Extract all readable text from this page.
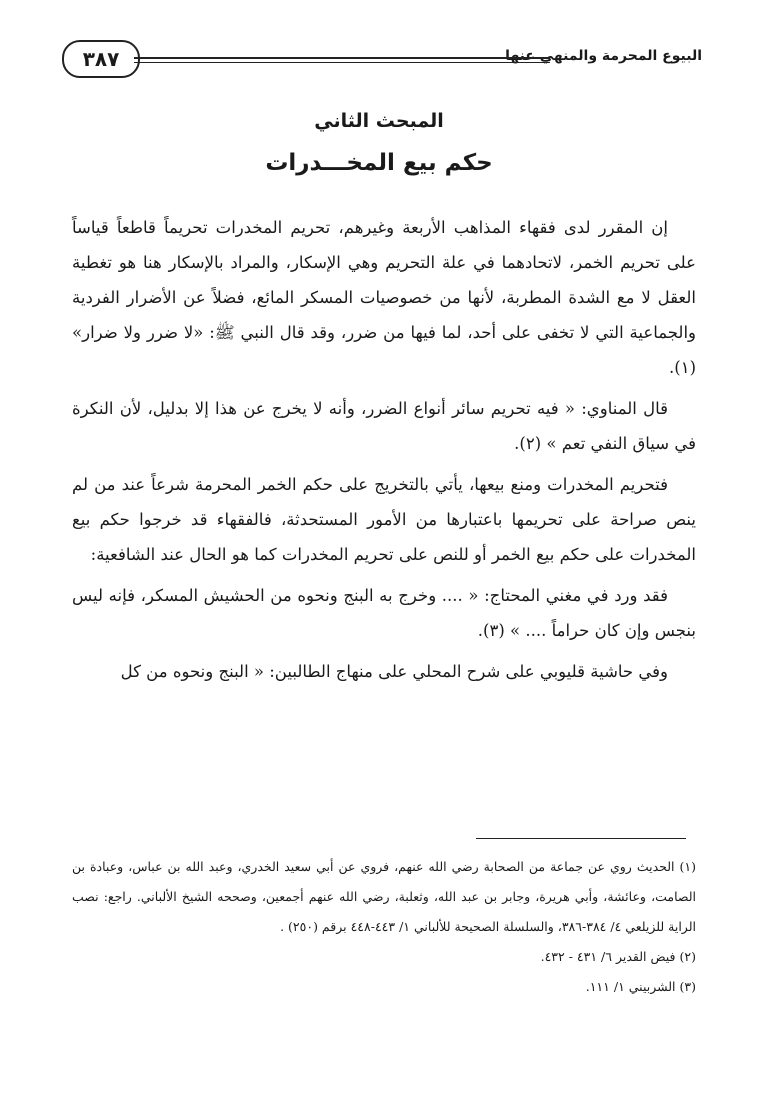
البيوع المحرمة والمنهي عنها
٣٨٧
المبحث الثاني
حكم بيع المخـــدرات

إن المقرر لدى فقهاء المذاهب الأربعة وغيرهم، تحريم المخدرات تحريماً قاطعاً قياساً على تحريم الخمر، لاتحادهما في علة التحريم وهي الإسكار، والمراد بالإسكار هنا هو تغطية العقل لا مع الشدة المطربة، لأنها من خصوصيات المسكر المائع، فضلاً عن الأضرار الفردية والجماعية التي لا تخفى على أحد، لما فيها من ضرر، وقد قال النبي ﷺ: «لا ضرر ولا ضرار» (١).

قال المناوي: « فيه تحريم سائر أنواع الضرر، وأنه لا يخرج عن هذا إلا بدليل، لأن النكرة في سياق النفي تعم » (٢).

فتحريم المخدرات ومنع بيعها، يأتي بالتخريج على حكم الخمر المحرمة شرعاً عند من لم ينص صراحة على تحريمها باعتبارها من الأمور المستحدثة، فالفقهاء قد خرجوا حكم بيع المخدرات على حكم بيع الخمر أو للنص على تحريم المخدرات كما هو الحال عند الشافعية:

فقد ورد في مغني المحتاج: « .... وخرج به البنج ونحوه من الحشيش المسكر، فإنه ليس بنجس وإن كان حراماً .... » (٣).

وفي حاشية قليوبي على شرح المحلي على منهاج الطالبين: « البنج ونحوه من كل

(١) الحديث روي عن جماعة من الصحابة رضي الله عنهم، فروي عن أبي سعيد الخدري، وعبد الله بن عباس، وعبادة بن الصامت، وعائشة، وأبي هريرة، وجابر بن عبد الله، وثعلبة، رضي الله عنهم أجمعين، وصححه الشيخ الألباني. راجع: نصب الراية للزيلعي ٤/ ٣٨٤-٣٨٦، والسلسلة الصحيحة للألباني ١/ ٤٤٣-٤٤٨ برقم (٢٥٠) .

(٢) فيض القدير ٦/ ٤٣١ - ٤٣٢.

(٣) الشربيني ١/ ١١١.
